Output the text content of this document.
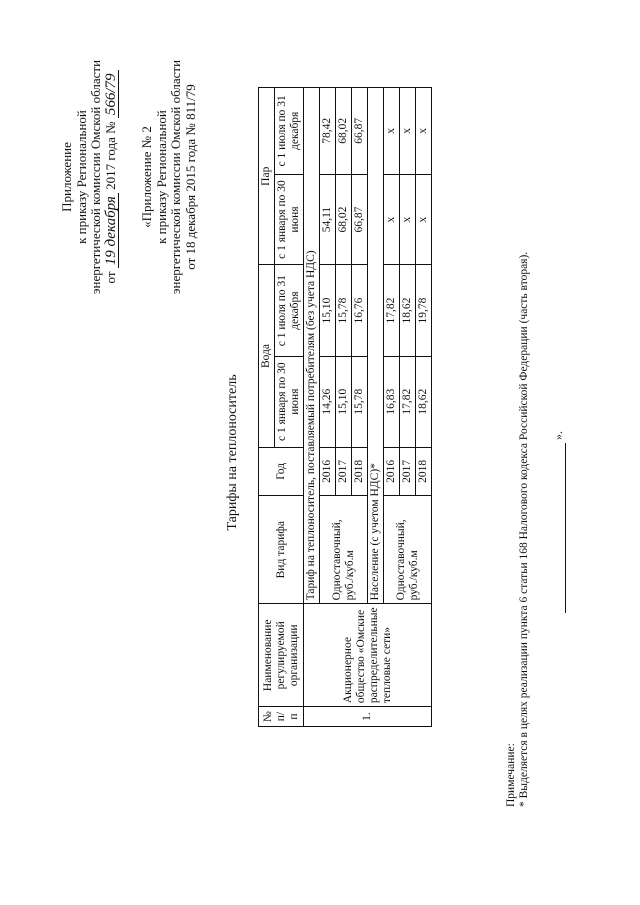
Приложение к приказу Региональной энергетической комиссии Омской области от 19 декабря 2017 года № 566/79

«Приложение № 2 к приказу Региональной энергетической комиссии Омской области от 18 декабря 2015 года № 811/79

Тарифы на теплоноситель
№ п/п	Наименование регулируемой организации	Вид тарифа	Год	Вода		Пар	
				с 1 января по 30 июня	с 1 июля по 31 декабря	с 1 января по 30 июня	с 1 июля по 31 декабря
1.	Акционерное общество «Омские распределительные тепловые сети»	Тариф на теплоноситель, поставляемый потребителям (без учета НДС)					
		Одноставочный, руб./куб.м	2016	14,26	15,10	54,11	78,42
			2017	15,10	15,78	68,02	68,02
			2018	15,78	16,76	66,87	66,87
		Население (с учетом НДС)*					
		Одноставочный, руб./куб.м	2016	16,83	17,82	x	x
			2017	17,82	18,62	x	x
			2018	18,62	19,78	x	x
Примечание: * Выделяется в целях реализации пункта 6 статьи 168 Налогового кодекса Российской Федерации (часть вторая). ».
